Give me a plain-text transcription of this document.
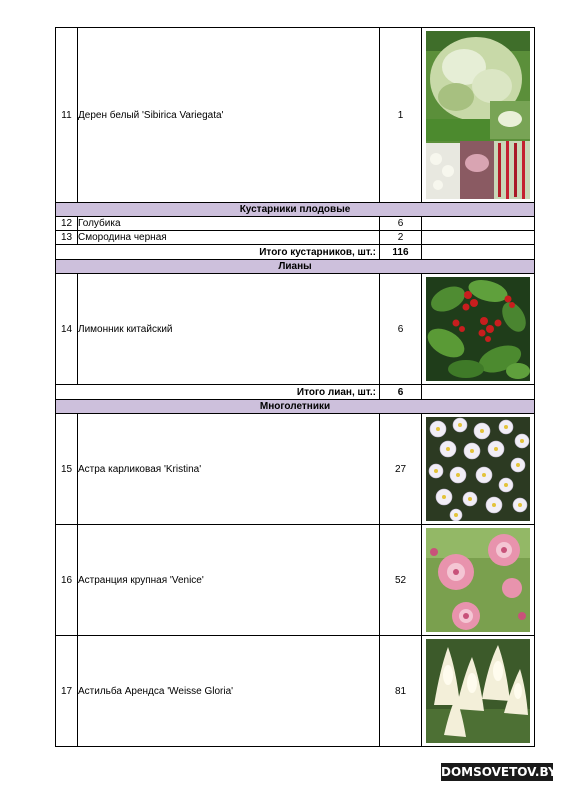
11	Дерен белый 'Sibirica Variegata'	1	

Кустарники плодовые			
12	Голубика	6	
13	Смородина черная	2	
Итого кустарников, шт.:		116	
Лианы			
14	Лимонник китайский	6	

Итого лиан, шт.:		6	
Многолетники			
15	Астра карликовая 'Kristina'	27	

16	Астранция крупная 'Venice'	52	

17	Астильба Арендса 'Weisse Gloria'	81	
DOMSOVETOV.BY
